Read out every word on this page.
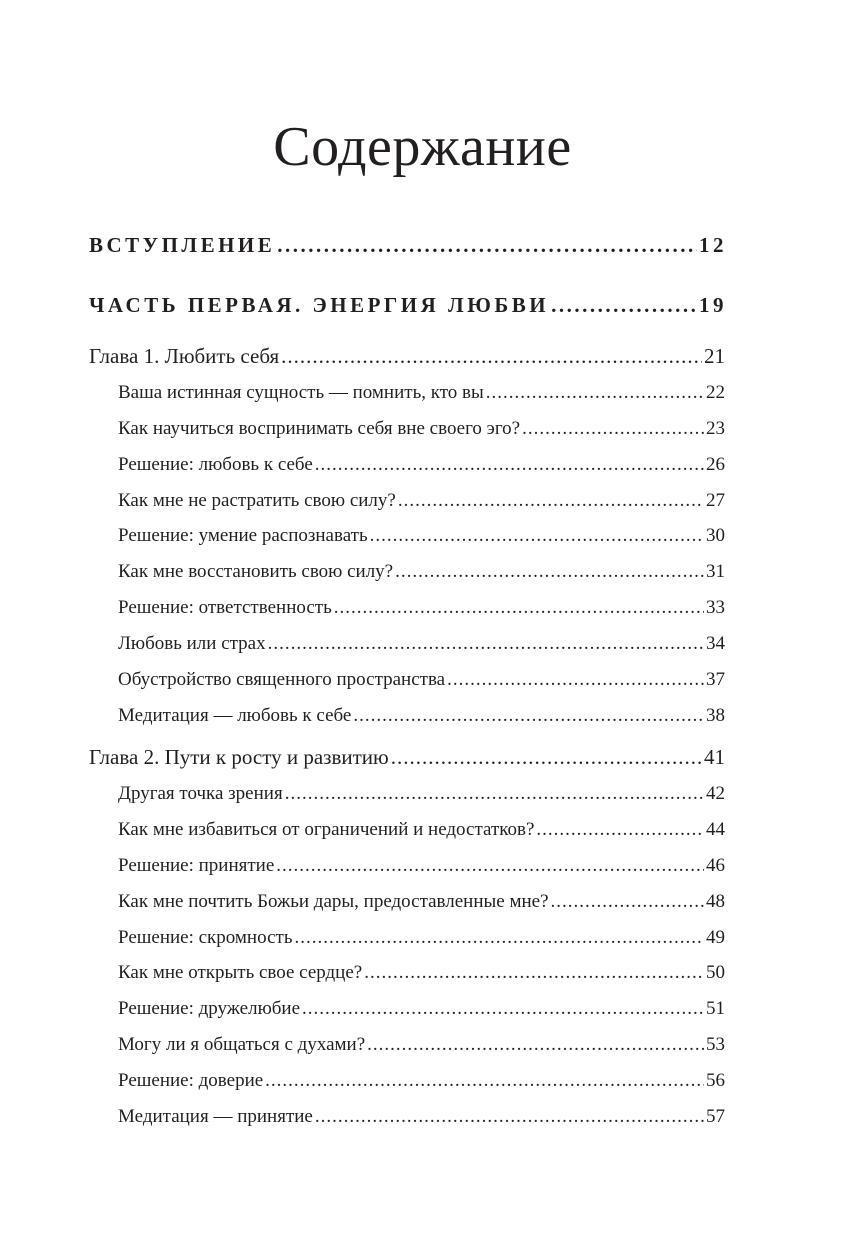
Содержание
ВСТУПЛЕНИЕ .....	12
ЧАСТЬ ПЕРВАЯ. ЭНЕРГИЯ ЛЮБВИ .....	19
Глава 1. Любить себя .....	21
Ваша истинная сущность — помнить, кто вы .....	22
Как научиться воспринимать себя вне своего эго? .....	23
Решение: любовь к себе .....	26
Как мне не растратить свою силу? .....	27
Решение: умение распознавать .....	30
Как мне восстановить свою силу? .....	31
Решение: ответственность .....	33
Любовь или страх .....	34
Обустройство священного пространства .....	37
Медитация — любовь к себе .....	38
Глава 2. Пути к росту и развитию .....	41
Другая точка зрения .....	42
Как мне избавиться от ограничений и недостатков? .....	44
Решение: принятие .....	46
Как мне почтить Божьи дары, предоставленные мне? .....	48
Решение: скромность .....	49
Как мне открыть свое сердце? .....	50
Решение: дружелюбие .....	51
Могу ли я общаться с духами? .....	53
Решение: доверие .....	56
Медитация — принятие .....	57
